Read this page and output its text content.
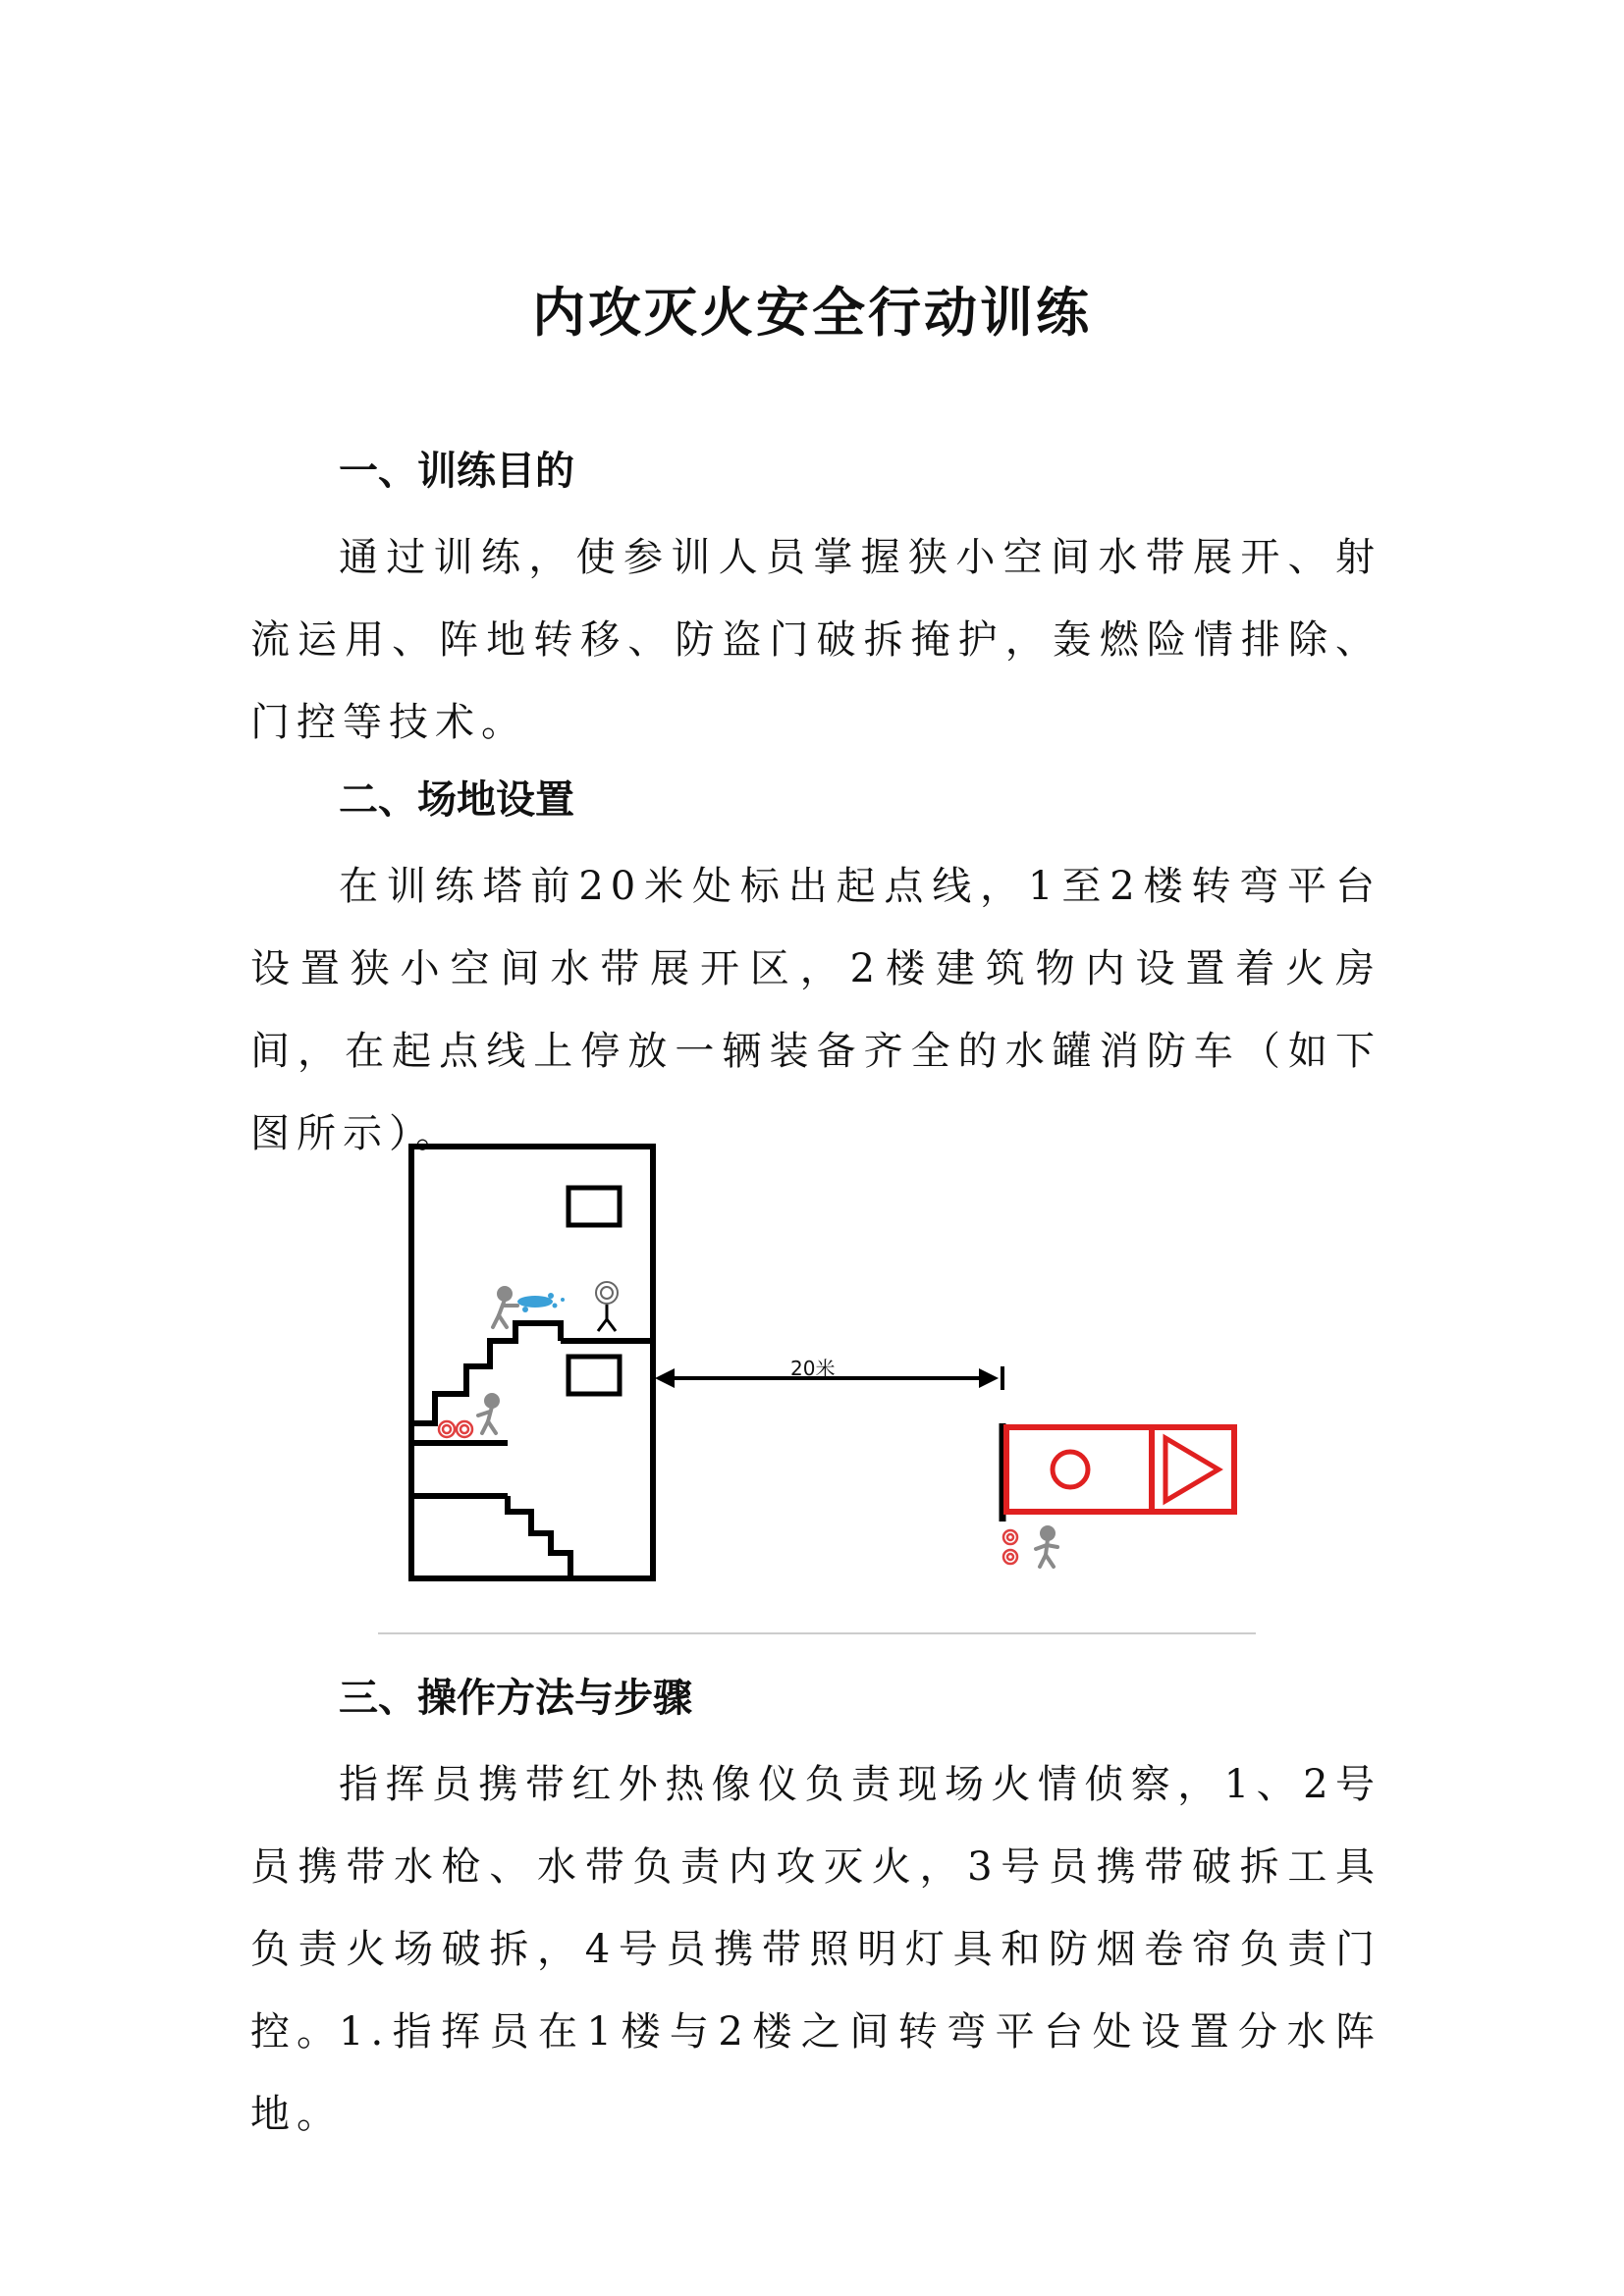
内攻灭火安全行动训练
一、训练目的

通过训练，使参训人员掌握狭小空间水带展开、射流运用、阵地转移、防盗门破拆掩护，轰燃险情排除、门控等技术。

二、场地设置

在训练塔前20米处标出起点线，1至2楼转弯平台设置狭小空间水带展开区，2楼建筑物内设置着火房间，在起点线上停放一辆装备齐全的水罐消防车（如下图所示）。

20米
三、操作方法与步骤

指挥员携带红外热像仪负责现场火情侦察，1、2号员携带水枪、水带负责内攻灭火，3号员携带破拆工具负责火场破拆，4号员携带照明灯具和防烟卷帘负责门控。

1.指挥员在1楼与2楼之间转弯平台处设置分水阵地。
